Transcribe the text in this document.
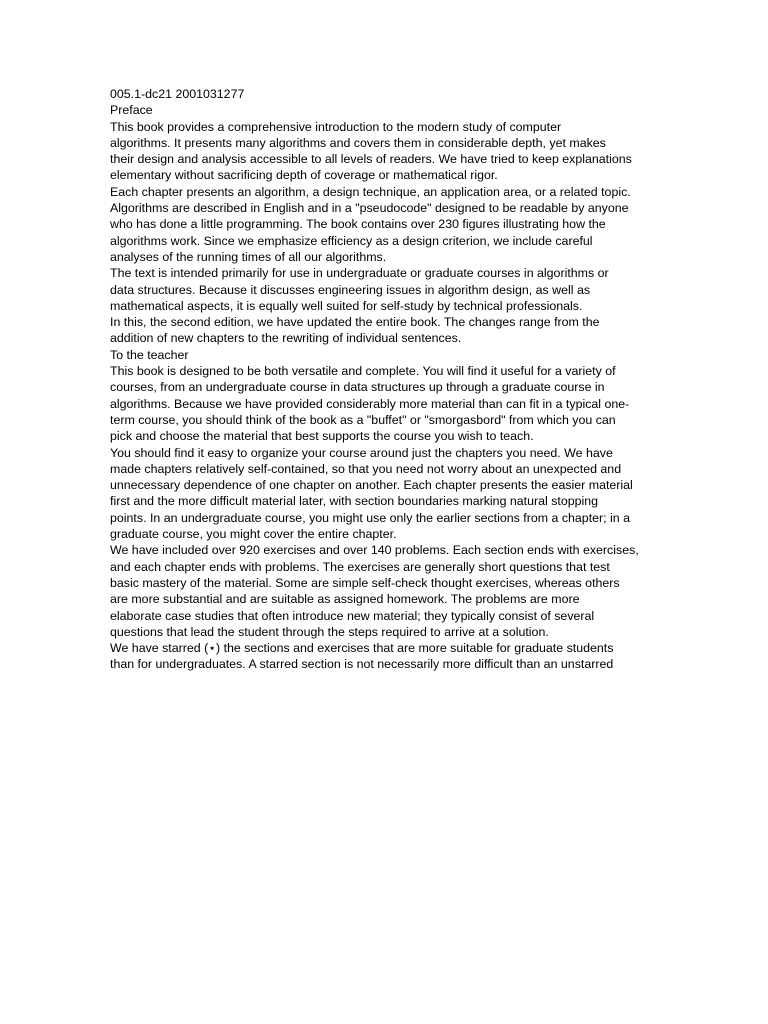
005.1-dc21 2001031277
Preface
This book provides a comprehensive introduction to the modern study of computer
algorithms. It presents many algorithms and covers them in considerable depth, yet makes
their design and analysis accessible to all levels of readers. We have tried to keep explanations
elementary without sacrificing depth of coverage or mathematical rigor.
Each chapter presents an algorithm, a design technique, an application area, or a related topic.
Algorithms are described in English and in a "pseudocode" designed to be readable by anyone
who has done a little programming. The book contains over 230 figures illustrating how the
algorithms work. Since we emphasize efficiency as a design criterion, we include careful
analyses of the running times of all our algorithms.
The text is intended primarily for use in undergraduate or graduate courses in algorithms or
data structures. Because it discusses engineering issues in algorithm design, as well as
mathematical aspects, it is equally well suited for self-study by technical professionals.
In this, the second edition, we have updated the entire book. The changes range from the
addition of new chapters to the rewriting of individual sentences.
To the teacher
This book is designed to be both versatile and complete. You will find it useful for a variety of
courses, from an undergraduate course in data structures up through a graduate course in
algorithms. Because we have provided considerably more material than can fit in a typical one-
term course, you should think of the book as a "buffet" or "smorgasbord" from which you can
pick and choose the material that best supports the course you wish to teach.
You should find it easy to organize your course around just the chapters you need. We have
made chapters relatively self-contained, so that you need not worry about an unexpected and
unnecessary dependence of one chapter on another. Each chapter presents the easier material
first and the more difficult material later, with section boundaries marking natural stopping
points. In an undergraduate course, you might use only the earlier sections from a chapter; in a
graduate course, you might cover the entire chapter.
We have included over 920 exercises and over 140 problems. Each section ends with exercises,
and each chapter ends with problems. The exercises are generally short questions that test
basic mastery of the material. Some are simple self-check thought exercises, whereas others
are more substantial and are suitable as assigned homework. The problems are more
elaborate case studies that often introduce new material; they typically consist of several
questions that lead the student through the steps required to arrive at a solution.
We have starred (⋆) the sections and exercises that are more suitable for graduate students
than for undergraduates. A starred section is not necessarily more difficult than an unstarred
